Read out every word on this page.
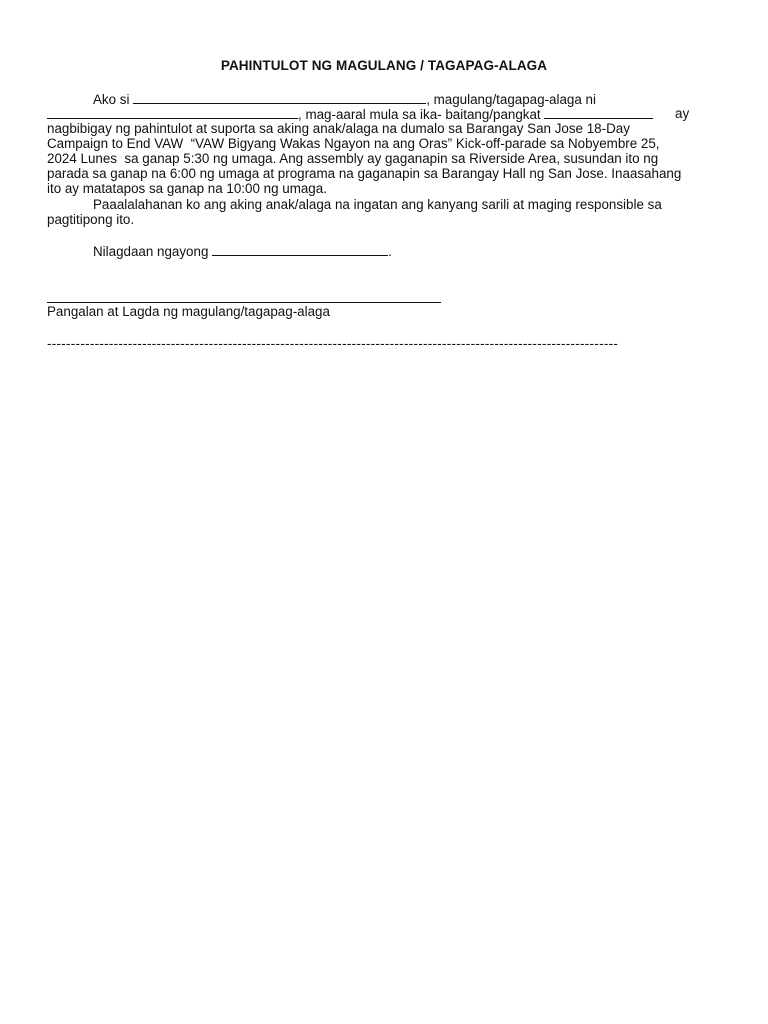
PAHINTULOT NG MAGULANG / TAGAPAG-ALAGA
Ako si	, magulang/tagapag-alaga ni
, mag-aaral mula sa ika- baitang/pangkat	ay
nagbibigay ng pahintulot at suporta sa aking anak/alaga na dumalo sa Barangay San Jose 18-Day
Campaign to End VAW  “VAW Bigyang Wakas Ngayon na ang Oras” Kick-off-parade sa Nobyembre 25,
2024 Lunes  sa ganap 5:30 ng umaga. Ang assembly ay gaganapin sa Riverside Area, susundan ito ng
parada sa ganap na 6:00 ng umaga at programa na gaganapin sa Barangay Hall ng San Jose. Inaasahang
ito ay matatapos sa ganap na 10:00 ng umaga.
Paaalalahanan ko ang aking anak/alaga na ingatan ang kanyang sarili at maging responsible sa
pagtitipong ito.
Nilagdaan ngayong	.
Pangalan at Lagda ng magulang/tagapag-alaga
------------------------------------------------------------------------------------------------------------------------
